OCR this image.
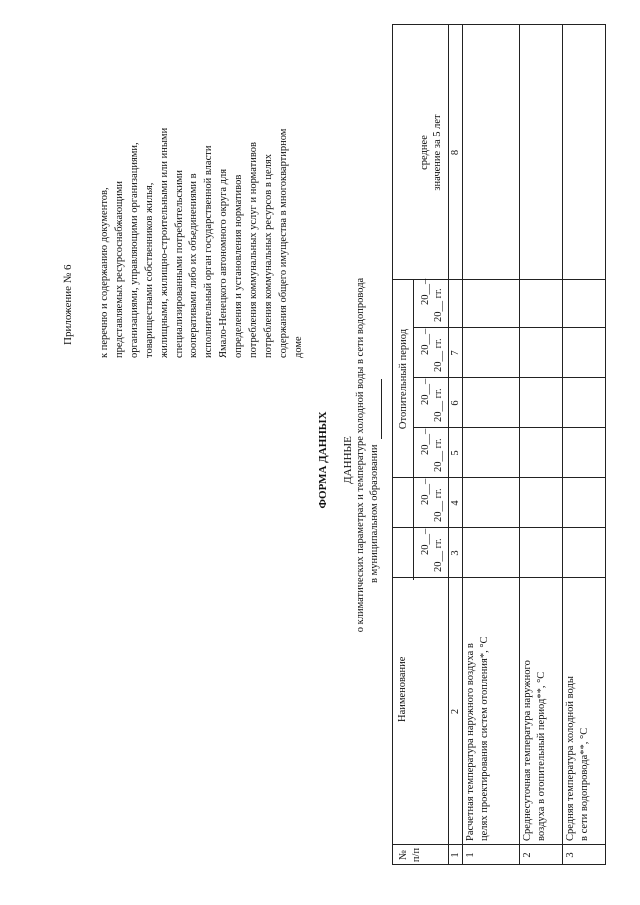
Приложение № 6 к перечню и содержанию документов, представляемых ресурсоснабжающими организациями, управляющими организациями, товариществами собственников жилья, жилищными, жилищно-строительными или иными специализированными потребительскими кооперативами либо их объединениями в исполнительный орган государственной власти Ямало-Ненецкого автономного округа для определения и установления нормативов потребления коммунальных услуг и нормативов потребления коммунальных ресурсов в целях содержания общего имущества в многоквартирном доме
ФОРМА ДАННЫХ ДАННЫЕ о климатических параметрах и температуре холодной воды в сети водопровода в муниципальном образовании
№ п/п
Наименование
20__– 20__ гг.
20__– 20__ гг.
Отопительный период
20__– 20__ гг.
20__– 20__ гг.
20__– 20__ гг.
20__– 20__ гг.
среднее значение за 5 лет
1
2
3
4
5
6
7
8
1
Расчетная температура наружного воздуха в целях проектирования систем отопления*, °С
2
Среднесуточная температура наружного воздуха в отопительный период**, °С
3
Средняя температура холодной воды в сети водопровода**, °С
